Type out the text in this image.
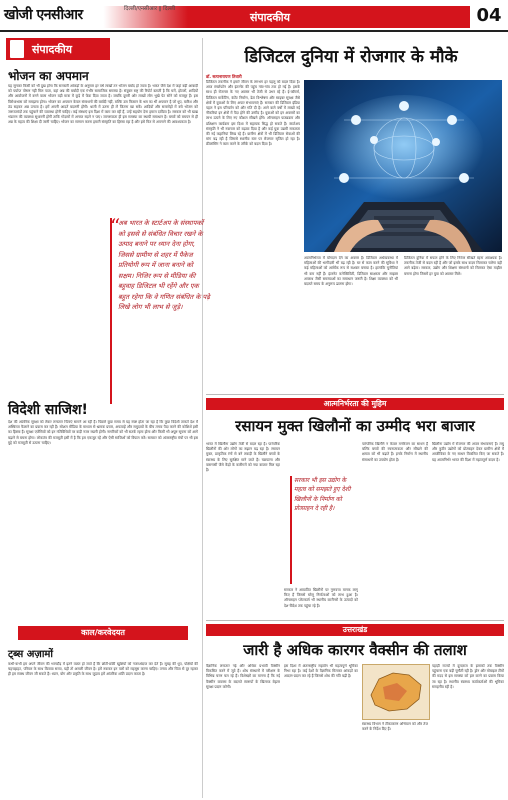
खोजी एनसीआर	दिल्ली/एनसीआर ‖ दिल्ली
संपादकीय	04
संपादकीय
भोजन का अपमान
यह सुनकर किसी को भी दुख होगा कि सरकारी आंकड़ों के अनुसार हर वर्ष लाखों टन भोजन बर्बाद हो जाता है। भारत जैसे देश में जहां बड़ी आबादी को पर्याप्त पोषण नहीं मिल पाता, वहां अन्न की बर्बादी एक गंभीर सामाजिक समस्या है। संयुक्त राष्ट्र की रिपोर्ट बताती है कि घरों, होटलों, शादियों और आयोजनों में बनने वाला भोजन बड़ी मात्रा में कूड़े में फेंक दिया जाता है। जबकि दूसरी ओर लाखों लोग भूखे पेट सोने को मजबूर हैं। इस विरोधाभास को समझना होगा। भोजन का अपमान केवल संसाधनों की बर्बादी नहीं, बल्कि उस किसान के श्रम का भी अपमान है जो धूप, बारिश और ठंड सहकर अन्न उगाता है। हमें अपनी आदतें बदलनी होंगी। थाली में उतना ही लें जितना खा सकें। शादियों और समारोहों में बचे भोजन को जरूरतमंदों तक पहुंचाने की व्यवस्था होनी चाहिए। कई संस्थाएं इस दिशा में काम कर रही हैं, उन्हें सहयोग देना हमारा दायित्व है। सरकार को भी खाद्य भंडारण की व्यवस्था सुधारनी होगी ताकि गोदामों में अनाज सड़ने न पाए। जागरूकता ही इस समस्या का स्थायी समाधान है। बच्चों को बचपन से ही अन्न के महत्व की शिक्षा दी जानी चाहिए। भोजन का सम्मान करना हमारी संस्कृति का हिस्सा रहा है और इसे फिर से अपनाने की आवश्यकता है।
विदेशी साजिश!
देश की आंतरिक सुरक्षा को लेकर लगातार चिंताएं सामने आ रही हैं। पिछले कुछ समय से यह स्पष्ट होता जा रहा है कि कुछ विदेशी ताकतें देश में अस्थिरता फैलाने का प्रयास कर रही हैं। सोशल मीडिया के माध्यम से भ्रामक प्रचार, अफवाहें और समुदायों के बीच तनाव पैदा करने की कोशिशें इसी का हिस्सा हैं। सुरक्षा एजेंसियों को इन गतिविधियों पर कड़ी नजर रखनी होगी। नागरिकों को भी सतर्क रहना होगा और किसी भी अपुष्ट सूचना को आगे बढ़ाने से बचना होगा। लोकतंत्र की मजबूती इसी में है कि हम एकजुट रहें और ऐसी साजिशों को विफल करें। सरकार को अंतरराष्ट्रीय मंचों पर भी इस मुद्दे को मजबूती से उठाना चाहिए।
काल/करवेदयत
ट्ब्स अज़ामों
कभी-कभी हम अपने जीवन की भागदौड़ में इतने व्यस्त हो जाते हैं कि छोटी-छोटी खुशियों को नजरअंदाज कर देते हैं। सुबह की धूप, पक्षियों की चहचहाहट, परिवार के साथ बिताया समय, यही तो असली जीवन है। हमें रुककर इन पलों को महसूस करना चाहिए। तनाव और चिंता से दूर रहकर ही हम स्वस्थ जीवन जी सकते हैं। ध्यान, योग और प्रकृति के साथ जुड़ाव हमें आंतरिक शांति प्रदान करता है।
“
अब भारत के स्टार्टअप के संस्थापकों को इससे से संबंधित विचार रखने के उत्पाद बनाने पर ध्यान देना होगा, जिससे ग्रामीण से शहर में पैकेज प्रतियोगी रूप में जाना बनाने को सक्षम। निजिर रूप से मीडिया की बहुवाह डिजिटल भी रहेंगे और एक बहुत रहेगा कि वे गणित संबंधित के पढ़े लिखे लोग भी लाभ से जुड़े।
डिजिटल दुनिया में रोजगार के मौके
डॉ. सत्यनारायण तिवारी
डिजिटल तकनीक ने हमारे जीवन के लगभग हर पहलू को बदल दिया है। आज स्मार्टफोन और इंटरनेट की पहुंच गांव-गांव तक हो गई है। इसके साथ ही रोजगार के नए अवसर भी तेजी से उभर रहे हैं। ई-कॉमर्स, डिजिटल मार्केटिंग, कंटेंट निर्माण, डेटा विश्लेषण और साइबर सुरक्षा जैसे क्षेत्रों में युवाओं के लिए अपार संभावनाएं हैं। सरकार की डिजिटल इंडिया पहल ने इस परिवर्तन को और गति दी है। आने वाले वर्षों में लाखों नई नौकरियां इन क्षेत्रों में पैदा होने की उम्मीद है। युवाओं को इन अवसरों का लाभ उठाने के लिए नए कौशल सीखने होंगे। ऑनलाइन पाठ्यक्रम और प्रशिक्षण कार्यक्रम इस दिशा में सहायक सिद्ध हो सकते हैं। स्टार्टअप संस्कृति ने भी नवाचार को बढ़ावा दिया है और कई युवा उद्यमी सफलता की नई कहानियां लिख रहे हैं। ग्रामीण क्षेत्रों में भी डिजिटल सेवाओं की मांग बढ़ रही है जिससे स्थानीय स्तर पर रोजगार सृजित हो रहा है। फ्रीलांसिंग ने काम करने के तरीके को बदल दिया है।
आत्मनिर्भरता में योगदान देने का अवसर है। डिजिटल अर्थव्यवस्था में महिलाओं की भागीदारी भी बढ़ रही है। घर से काम करने की सुविधा ने कई महिलाओं को आर्थिक रूप से सशक्त बनाया है। हालांकि चुनौतियां भी कम नहीं हैं। इंटरनेट कनेक्टिविटी, डिजिटल साक्षरता और साइबर अपराध जैसी समस्याओं का समाधान जरूरी है। शिक्षा व्यवस्था को भी बदलते समय के अनुरूप ढालना होगा।
डिजिटल दुनिया में सफल होने के लिए निरंतर सीखते रहना आवश्यक है। तकनीक तेजी से बदल रही है और जो इसके साथ कदम मिलाकर चलेगा वही आगे बढ़ेगा। सरकार, उद्योग और शिक्षण संस्थानों को मिलकर ऐसा माहौल बनाना होगा जिसमें हर युवा को अवसर मिले।
आत्मनिर्भरता की मुहिम
रसायन मुक्त खिलौनों का उम्मीद भरा बाजार
भारत में खिलौना उद्योग तेजी से बदल रहा है। पारंपरिक खिलौनों की ओर लोगों का रुझान बढ़ रहा है। रसायन मुक्त, प्राकृतिक रंगों से बने लकड़ी के खिलौने बच्चों के स्वास्थ्य के लिए सुरक्षित माने जाते हैं। चन्नपटना और वाराणसी जैसे केंद्रों के कारीगरों को नया बाजार मिल रहा है।
सरकार ने आयातित खिलौनों पर गुणवत्ता मानक लागू किए हैं जिससे घरेलू निर्माताओं को लाभ हुआ है। ऑनलाइन प्लेटफार्म भी स्थानीय कारीगरों के उत्पादों को देश-विदेश तक पहुंचा रहे हैं।
सरकार भी इस उद्योग के महत्व को समझते हुए देशी खिलौनों के निर्माण को प्रोत्साहन दे रही है।
पारंपरिक खिलौने न केवल मनोरंजन का साधन हैं बल्कि बच्चों की रचनात्मकता और सीखने की क्षमता को भी बढ़ाते हैं। इनके निर्माण में स्थानीय संसाधनों का उपयोग होता है।
खिलौना उद्योग में रोजगार की अपार संभावनाएं हैं। लघु और कुटीर उद्योगों को प्रोत्साहन देकर ग्रामीण क्षेत्रों में आजीविका के नए साधन विकसित किए जा सकते हैं। यह आत्मनिर्भर भारत की दिशा में महत्वपूर्ण कदम है।
उत्तराखंड
जारी है अधिक कारगर वैक्सीन की तलाश
वैज्ञानिक लगातार नई और अधिक प्रभावी वैक्सीन विकसित करने में जुटे हैं। शोध संस्थानों में परीक्षण के विभिन्न चरण चल रहे हैं। विशेषज्ञों का मानना है कि नई वैक्सीन वायरस के बदलते स्वरूपों के खिलाफ बेहतर सुरक्षा प्रदान करेगी।
इस दिशा में अंतरराष्ट्रीय सहयोग भी महत्वपूर्ण भूमिका निभा रहा है। कई देशों के वैज्ञानिक मिलकर आंकड़ों का आदान-प्रदान कर रहे हैं जिससे शोध की गति बढ़ी है।
स्वास्थ्य विभाग ने टीकाकरण अभियान को और तेज करने के निर्देश दिए हैं।
पहाड़ी राज्यों में दूरदराज के इलाकों तक वैक्सीन पहुंचाना एक बड़ी चुनौती रही है। ड्रोन और मोबाइल टीमों की मदद से इस समस्या को हल करने का प्रयास किया जा रहा है। स्थानीय स्वास्थ्य कार्यकर्ताओं की भूमिका सराहनीय रही है।
